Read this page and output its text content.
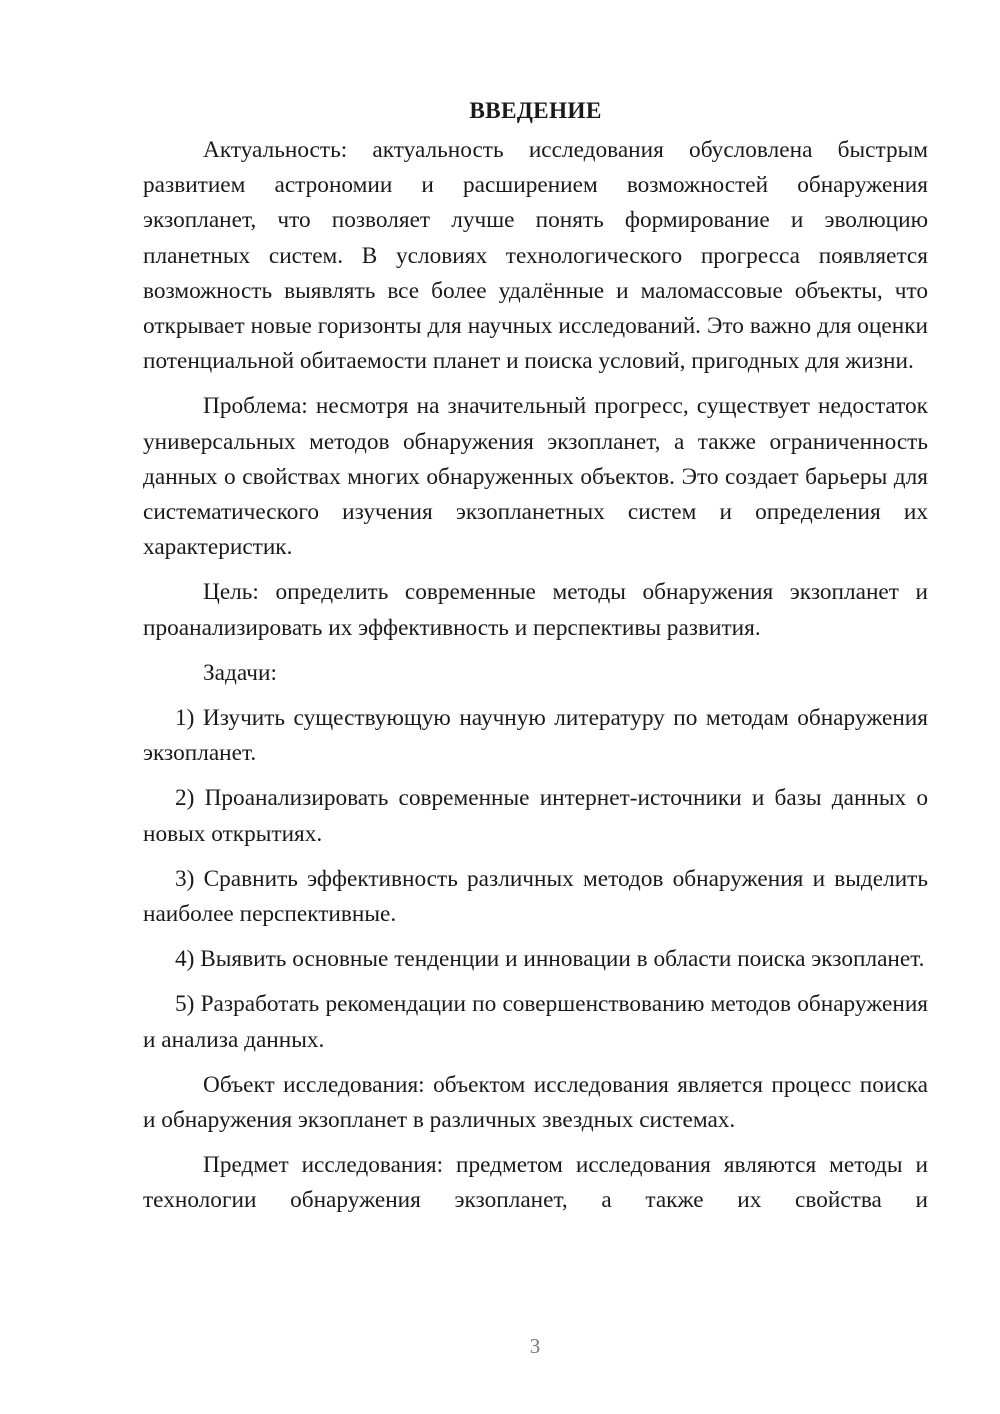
ВВЕДЕНИЕ

Актуальность: актуальность исследования обусловлена быстрым развитием астрономии и расширением возможностей обнаружения экзопланет, что позволяет лучше понять формирование и эволюцию планетных систем. В условиях технологического прогресса появляется возможность выявлять все более удалённые и маломассовые объекты, что открывает новые горизонты для научных исследований. Это важно для оценки потенциальной обитаемости планет и поиска условий, пригодных для жизни.

Проблема: несмотря на значительный прогресс, существует недостаток универсальных методов обнаружения экзопланет, а также ограниченность данных о свойствах многих обнаруженных объектов. Это создает барьеры для систематического изучения экзопланетных систем и определения их характеристик.

Цель: определить современные методы обнаружения экзопланет и проанализировать их эффективность и перспективы развития.

Задачи:

1) Изучить существующую научную литературу по методам обнаружения экзопланет.
2) Проанализировать современные интернет-источники и базы данных о новых открытиях.
3) Сравнить эффективность различных методов обнаружения и выделить наиболее перспективные.
4) Выявить основные тенденции и инновации в области поиска экзопланет.
5) Разработать рекомендации по совершенствованию методов обнаружения и анализа данных.

Объект исследования: объектом исследования является процесс поиска и обнаружения экзопланет в различных звездных системах.

Предмет исследования: предметом исследования являются методы и технологии обнаружения экзопланет, а также их свойства и

3
